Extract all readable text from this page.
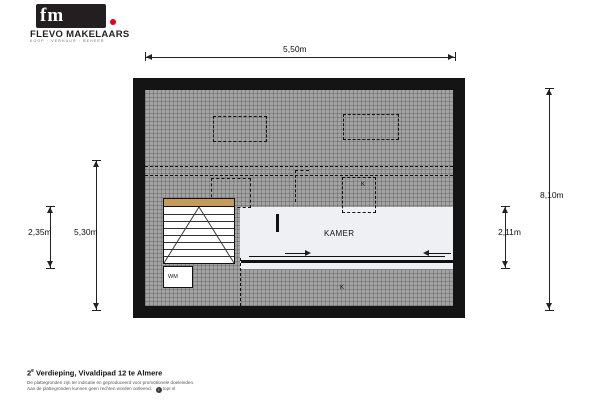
fm
FLEVO MAKELAARS
KOOP · VERHUUR · BEHEER
WM
KAMER
K
K
5,50m
8,10m
2,11m
2,35m	5,30m
2e Verdieping, Vivaldipad 12 te Almere
De plattegronden zijn ter indicatie en geproduceerd voor promotionele doeleinden.
Aan de plattegronden kunnen geen rechten worden ontleend. t topr.nl
